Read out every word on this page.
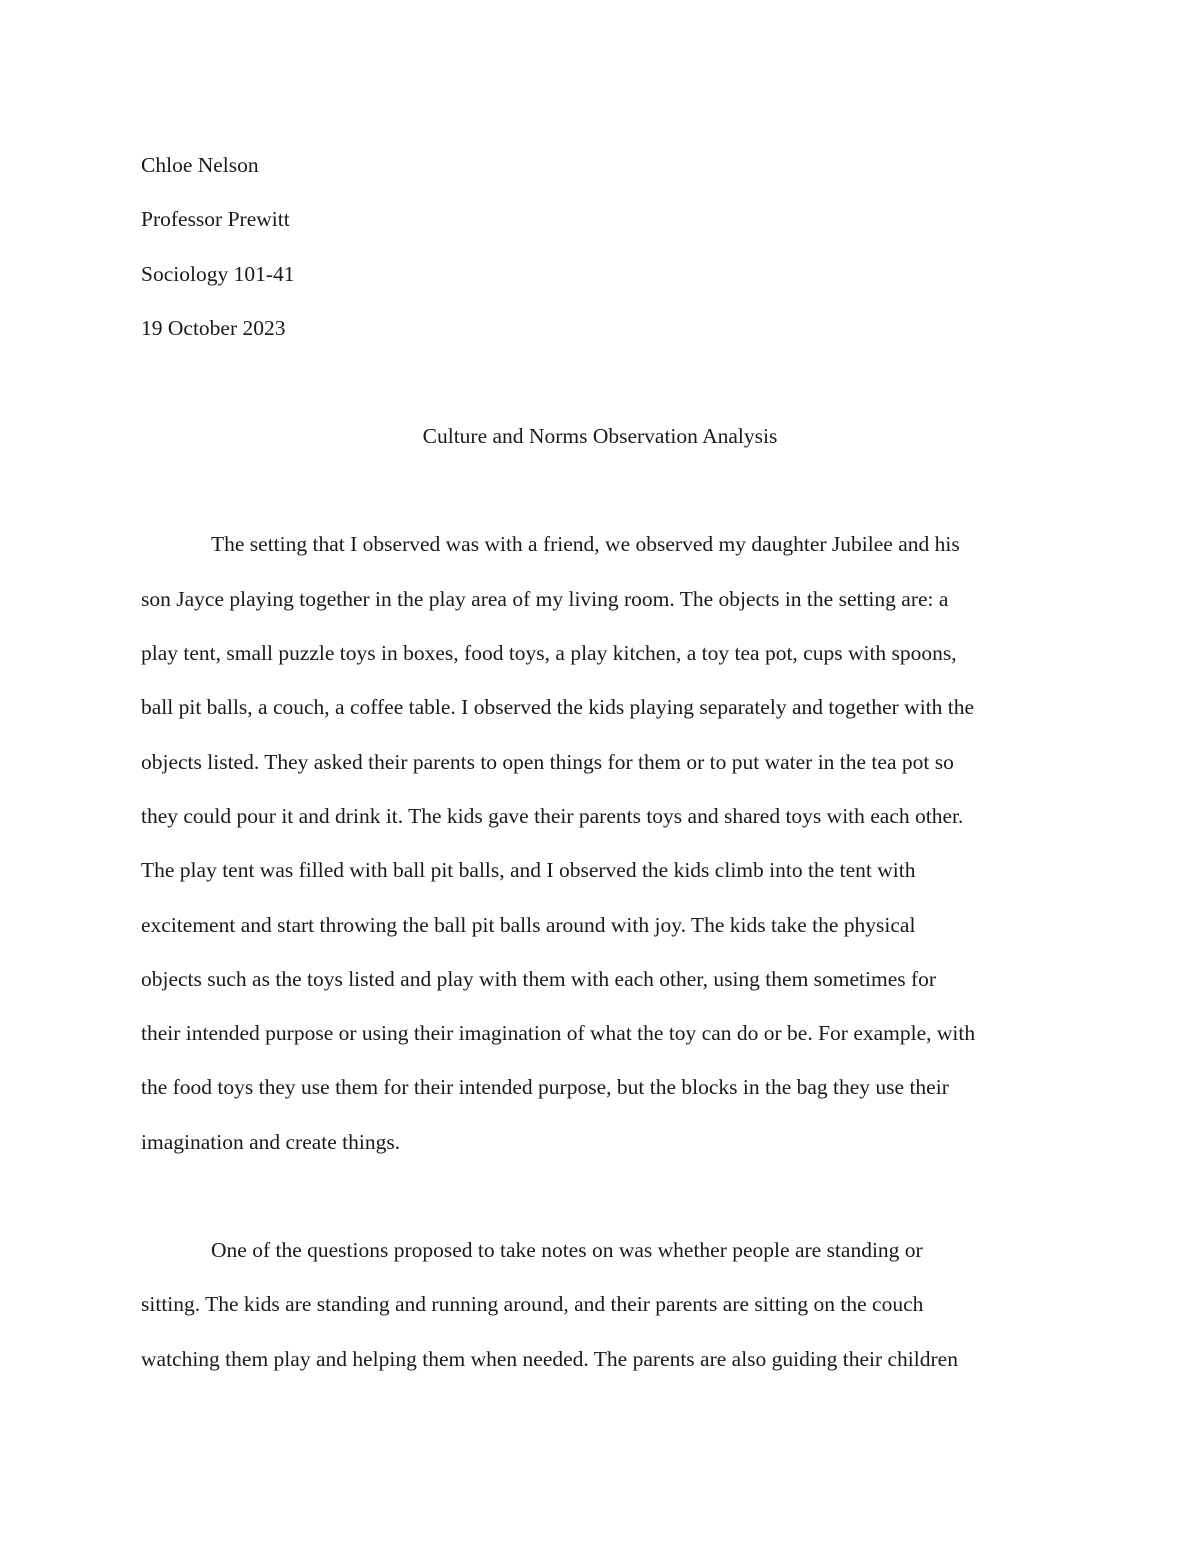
Chloe Nelson

Professor Prewitt

Sociology 101-41

19 October 2023

Culture and Norms Observation Analysis

The setting that I observed was with a friend, we observed my daughter Jubilee and his
son Jayce playing together in the play area of my living room. The objects in the setting are: a
play tent, small puzzle toys in boxes, food toys, a play kitchen, a toy tea pot, cups with spoons,
ball pit balls, a couch, a coffee table. I observed the kids playing separately and together with the
objects listed. They asked their parents to open things for them or to put water in the tea pot so
they could pour it and drink it. The kids gave their parents toys and shared toys with each other.
The play tent was filled with ball pit balls, and I observed the kids climb into the tent with
excitement and start throwing the ball pit balls around with joy. The kids take the physical
objects such as the toys listed and play with them with each other, using them sometimes for
their intended purpose or using their imagination of what the toy can do or be. For example, with
the food toys they use them for their intended purpose, but the blocks in the bag they use their
imagination and create things.

One of the questions proposed to take notes on was whether people are standing or
sitting. The kids are standing and running around, and their parents are sitting on the couch
watching them play and helping them when needed. The parents are also guiding their children
